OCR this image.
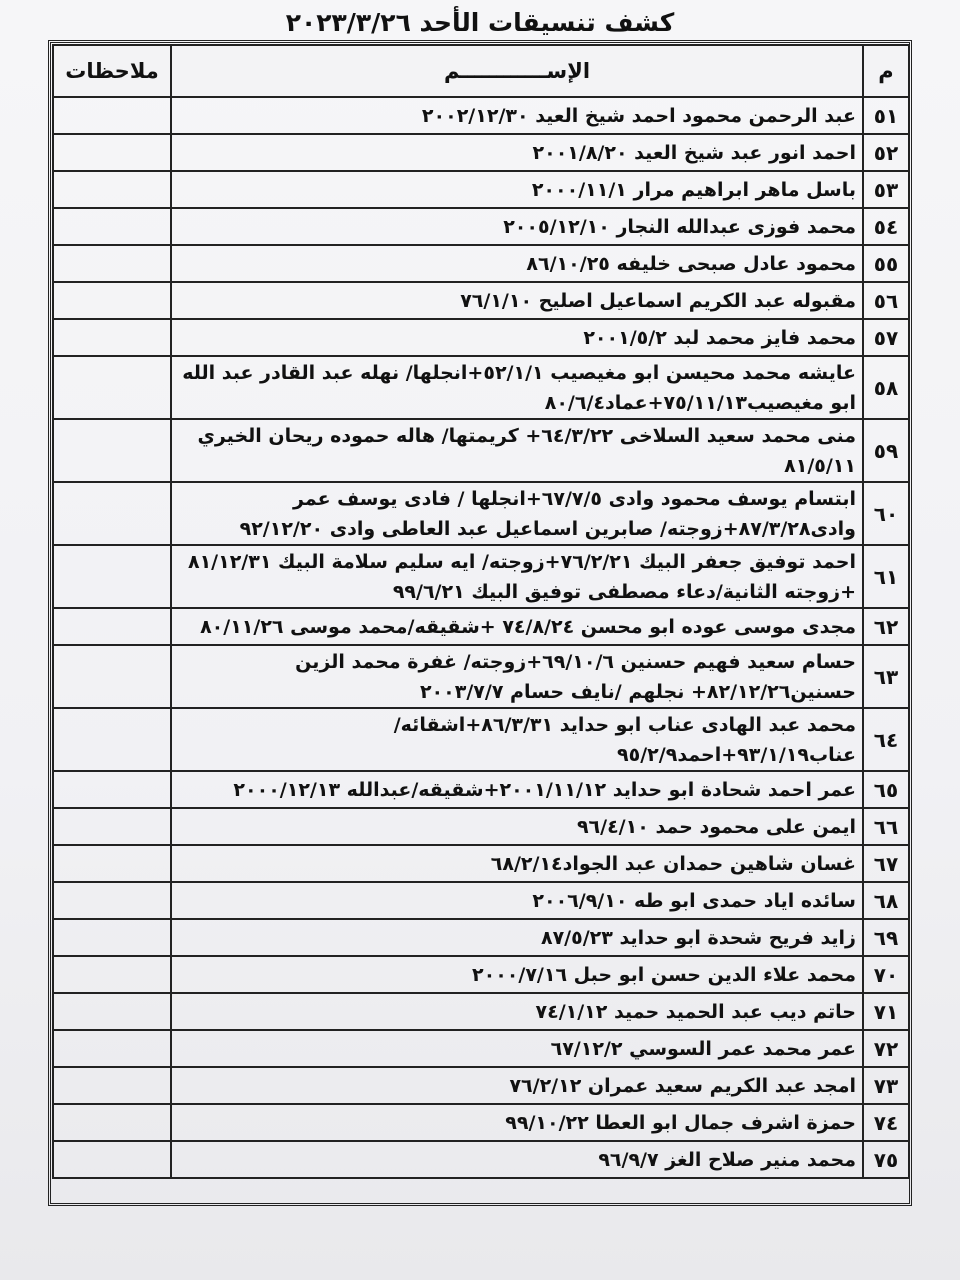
كشف تنسيقات الأحد ٢٠٢٣/٣/٢٦
م	الإســــــــــــم	ملاحظات
٥١	عبد الرحمن محمود احمد شيخ العيد ٢٠٠٢/١٢/٣٠	
٥٢	احمد انور عبد شيخ العيد ٢٠٠١/٨/٢٠	
٥٣	باسل ماهر ابراهيم مرار ٢٠٠٠/١١/١	
٥٤	محمد فوزى عبدالله النجار ٢٠٠٥/١٢/١٠	
٥٥	محمود عادل صبحى خليفه ٨٦/١٠/٢٥	
٥٦	مقبوله عبد الكريم اسماعيل اصليح ٧٦/١/١٠	
٥٧	محمد فايز محمد لبد ٢٠٠١/٥/٢	
٥٨	عايشه محمد محيسن ابو مغيصيب ٥٢/١/١+انجلها/ نهله عبد القادر عبد الله ابو مغيصيب٧٥/١١/١٣+عماد٨٠/٦/٤	
٥٩	منى محمد سعيد السلاخى ٦٤/٣/٢٢+ كريمتها/ هاله حموده ريحان الخيري ٨١/٥/١١	
٦٠	ابتسام يوسف محمود وادى ٦٧/٧/٥+انجلها / فادى يوسف عمر وادى٨٧/٣/٢٨+زوجته/ صابرين اسماعيل عبد العاطى وادى ٩٢/١٢/٢٠	
٦١	احمد توفيق جعفر البيك ٧٦/٢/٢١+زوجته/ ايه سليم سلامة البيك ٨١/١٢/٣١ +زوجته الثانية/دعاء مصطفى توفيق البيك ٩٩/٦/٢١	
٦٢	مجدى موسى عوده ابو محسن ٧٤/٨/٢٤ +شقيقه/محمد موسى ٨٠/١١/٢٦	
٦٣	حسام سعيد فهيم حسنين ٦٩/١٠/٦+زوجته/ غفرة محمد الزين حسنين٨٢/١٢/٢٦+ نجلهم /نايف حسام ٢٠٠٣/٧/٧	
٦٤	محمد عبد الهادى عناب ابو حدايد ٨٦/٣/٣١+اشقائه/عناب٩٣/١/١٩+احمد٩٥/٢/٩	
٦٥	عمر احمد شحادة ابو حدايد ٢٠٠١/١١/١٢+شقيقه/عبدالله ٢٠٠٠/١٢/١٣	
٦٦	ايمن على محمود حمد ٩٦/٤/١٠	
٦٧	غسان شاهين حمدان عبد الجواد٦٨/٢/١٤	
٦٨	سائده اياد حمدى ابو طه ٢٠٠٦/٩/١٠	
٦٩	زايد فريح شحدة ابو حدايد ٨٧/٥/٢٣	
٧٠	محمد علاء الدين حسن ابو حبل ٢٠٠٠/٧/١٦	
٧١	حاتم ديب عبد الحميد حميد ٧٤/١/١٢	
٧٢	عمر محمد عمر السوسي ٦٧/١٢/٢	
٧٣	امجد عبد الكريم سعيد عمران ٧٦/٢/١٢	
٧٤	حمزة اشرف جمال ابو العطا ٩٩/١٠/٢٢	
٧٥	محمد منير صلاح الغز ٩٦/٩/٧	
